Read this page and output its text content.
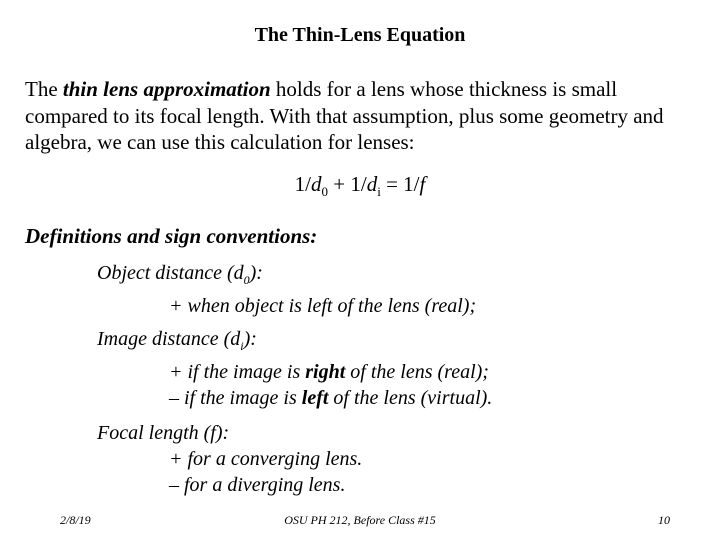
The Thin-Lens Equation
The thin lens approximation holds for a lens whose thickness is small compared to its focal length. With that assumption, plus some geometry and algebra, we can use this calculation for lenses:
$1/d_0 + 1/d_i = 1/f$
Definitions and sign conventions:
Object distance $(d_0)$:
+ when object is left of the lens (real);
Image distance $(d_i)$:
+ if the image is right of the lens (real);
– if the image is left of the lens (virtual).
Focal length (f):
+ for a converging lens.
– for a diverging lens.
2/8/19	OSU PH 212, Before Class #15	10
